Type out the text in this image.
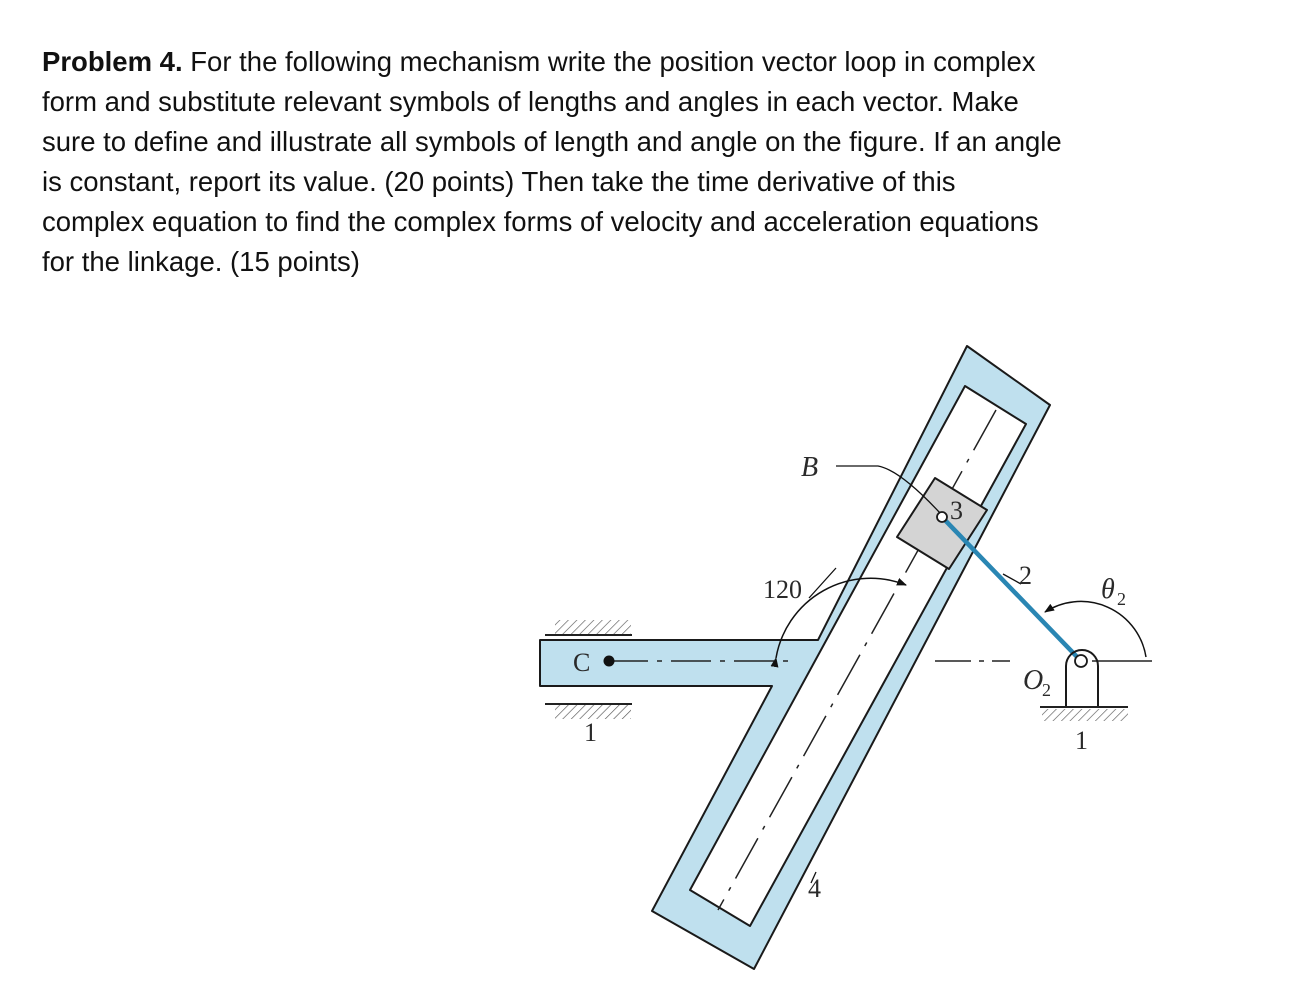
Problem 4. For the following mechanism write the position vector loop in complex
form and substitute relevant symbols of lengths and angles in each vector. Make
sure to define and illustrate all symbols of length and angle on the figure. If an angle
is constant, report its value. (20 points) Then take the time derivative of this
complex equation to find the complex forms of velocity and acceleration equations
for the linkage. (15 points)

B
120
3
2 θ 2
C
1
O
2
1
4
